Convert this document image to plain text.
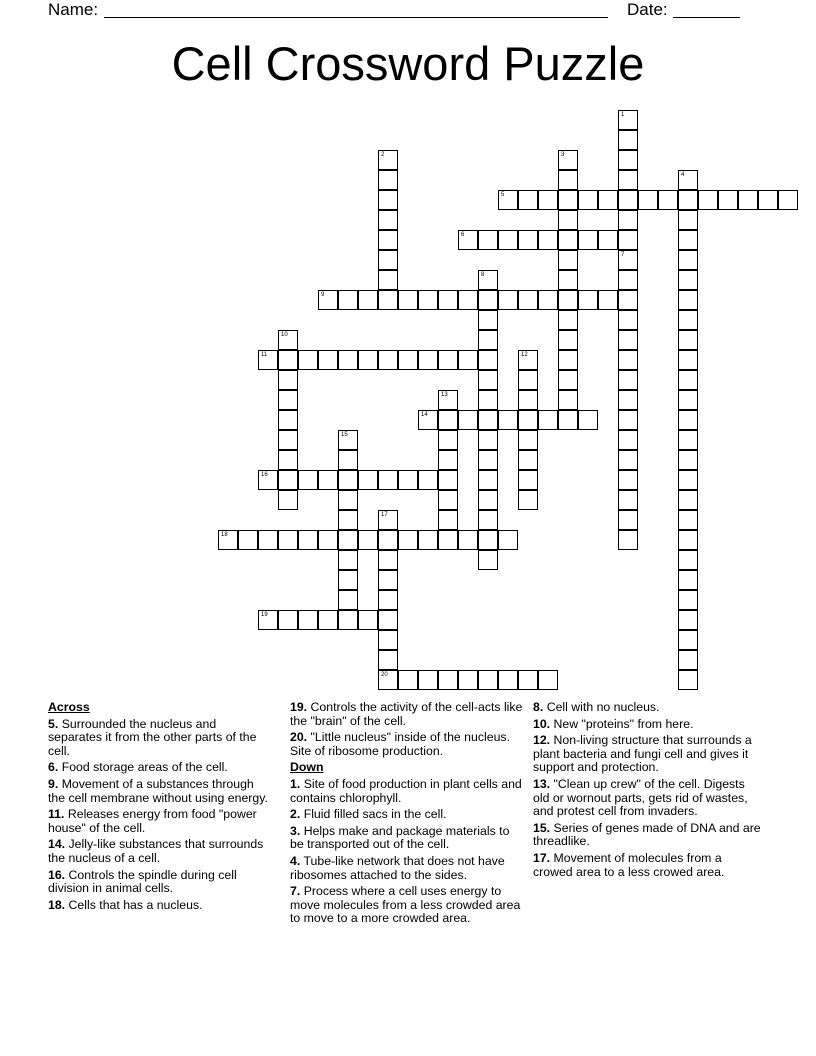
Name:	Date:
Cell Crossword Puzzle
1
7
2	3
4
5
6
8
9
10
11	12
13
14
15
16
17
20
18
19

Across

5. Surrounded the nucleus and separates it from the other parts of the cell.

6. Food storage areas of the cell.

9. Movement of a substances through the cell membrane without using energy.

11. Releases energy from food "power house" of the cell.

14. Jelly-like substances that surrounds the nucleus of a cell.

16. Controls the spindle during cell division in animal cells.

18. Cells that has a nucleus.

19. Controls the activity of the cell-acts like the "brain" of the cell.

20. "Little nucleus" inside of the nucleus. Site of ribosome production.

Down

1. Site of food production in plant cells and contains chlorophyll.

2. Fluid filled sacs in the cell.

3. Helps make and package materials to be transported out of the cell.

4. Tube-like network that does not have ribosomes attached to the sides.

7. Process where a cell uses energy to move molecules from a less crowded area to move to a more crowded area.

8. Cell with no nucleus.

10. New "proteins" from here.

12. Non-living structure that surrounds a plant bacteria and fungi cell and gives it support and protection.

13. "Clean up crew" of the cell. Digests old or wornout parts, gets rid of wastes, and protest cell from invaders.

15. Series of genes made of DNA and are threadlike.

17. Movement of molecules from a crowed area to a less crowed area.
